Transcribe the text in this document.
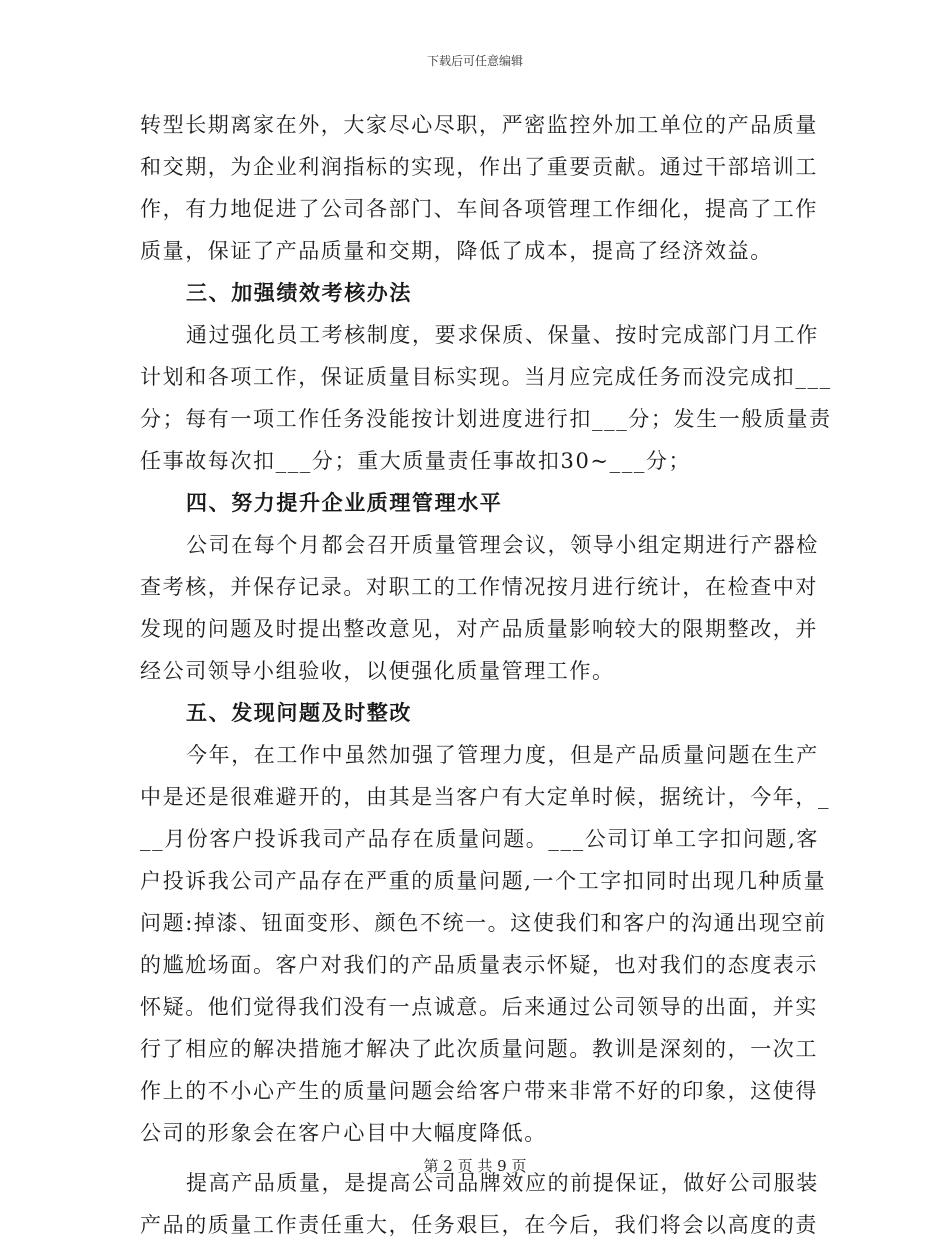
下载后可任意编辑
转型长期离家在外，大家尽心尽职，严密监控外加工单位的产品质量
和交期，为企业利润指标的实现，作出了重要贡献。通过干部培训工
作，有力地促进了公司各部门、车间各项管理工作细化，提高了工作
质量，保证了产品质量和交期，降低了成本，提高了经济效益。
三、加强绩效考核办法
通过强化员工考核制度，要求保质、保量、按时完成部门月工作
计划和各项工作，保证质量目标实现。当月应完成任务而没完成扣___
分；每有一项工作任务没能按计划进度进行扣___分；发生一般质量责
任事故每次扣___分；重大质量责任事故扣30~___分；
四、努力提升企业质理管理水平
公司在每个月都会召开质量管理会议，领导小组定期进行产器检
查考核，并保存记录。对职工的工作情况按月进行统计，在检查中对
发现的问题及时提出整改意见，对产品质量影响较大的限期整改，并
经公司领导小组验收，以便强化质量管理工作。
五、发现问题及时整改
今年，在工作中虽然加强了管理力度，但是产品质量问题在生产
中是还是很难避开的，由其是当客户有大定单时候，据统计，今年，_
__月份客户投诉我司产品存在质量问题。___公司订单工字扣问题,客
户投诉我公司产品存在严重的质量问题,一个工字扣同时出现几种质量
问题:掉漆、钮面变形、颜色不统一。这使我们和客户的沟通出现空前
的尴尬场面。客户对我们的产品质量表示怀疑，也对我们的态度表示
怀疑。他们觉得我们没有一点诚意。后来通过公司领导的出面，并实
行了相应的解决措施才解决了此次质量问题。教训是深刻的，一次工
作上的不小心产生的质量问题会给客户带来非常不好的印象，这使得
公司的形象会在客户心目中大幅度降低。
提高产品质量，是提高公司品牌效应的前提保证，做好公司服装
产品的质量工作责任重大，任务艰巨，在今后，我们将会以高度的责
第 2 页 共 9 页
